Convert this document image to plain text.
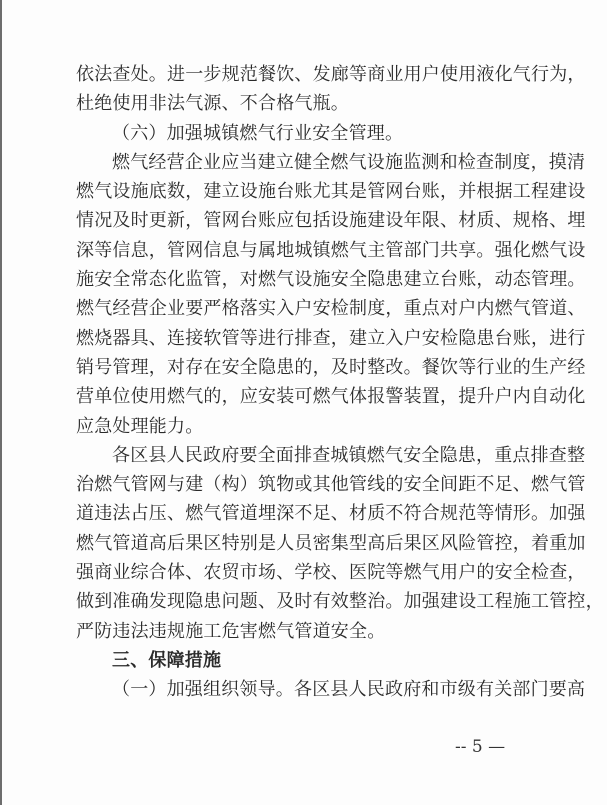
依法查处。进一步规范餐饮、发廊等商业用户使用液化气行为，
杜绝使用非法气源、不合格气瓶。
（六）加强城镇燃气行业安全管理。
燃气经营企业应当建立健全燃气设施监测和检查制度，摸清
燃气设施底数，建立设施台账尤其是管网台账，并根据工程建设
情况及时更新，管网台账应包括设施建设年限、材质、规格、埋
深等信息，管网信息与属地城镇燃气主管部门共享。强化燃气设
施安全常态化监管，对燃气设施安全隐患建立台账，动态管理。
燃气经营企业要严格落实入户安检制度，重点对户内燃气管道、
燃烧器具、连接软管等进行排查，建立入户安检隐患台账，进行
销号管理，对存在安全隐患的，及时整改。餐饮等行业的生产经
营单位使用燃气的，应安装可燃气体报警装置，提升户内自动化
应急处理能力。
各区县人民政府要全面排查城镇燃气安全隐患，重点排查整
治燃气管网与建（构）筑物或其他管线的安全间距不足、燃气管
道违法占压、燃气管道埋深不足、材质不符合规范等情形。加强
燃气管道高后果区特别是人员密集型高后果区风险管控，着重加
强商业综合体、农贸市场、学校、医院等燃气用户的安全检查，
做到准确发现隐患问题、及时有效整治。加强建设工程施工管控，
严防违法违规施工危害燃气管道安全。
三、保障措施
（一）加强组织领导。各区县人民政府和市级有关部门要高
-- 5 —
